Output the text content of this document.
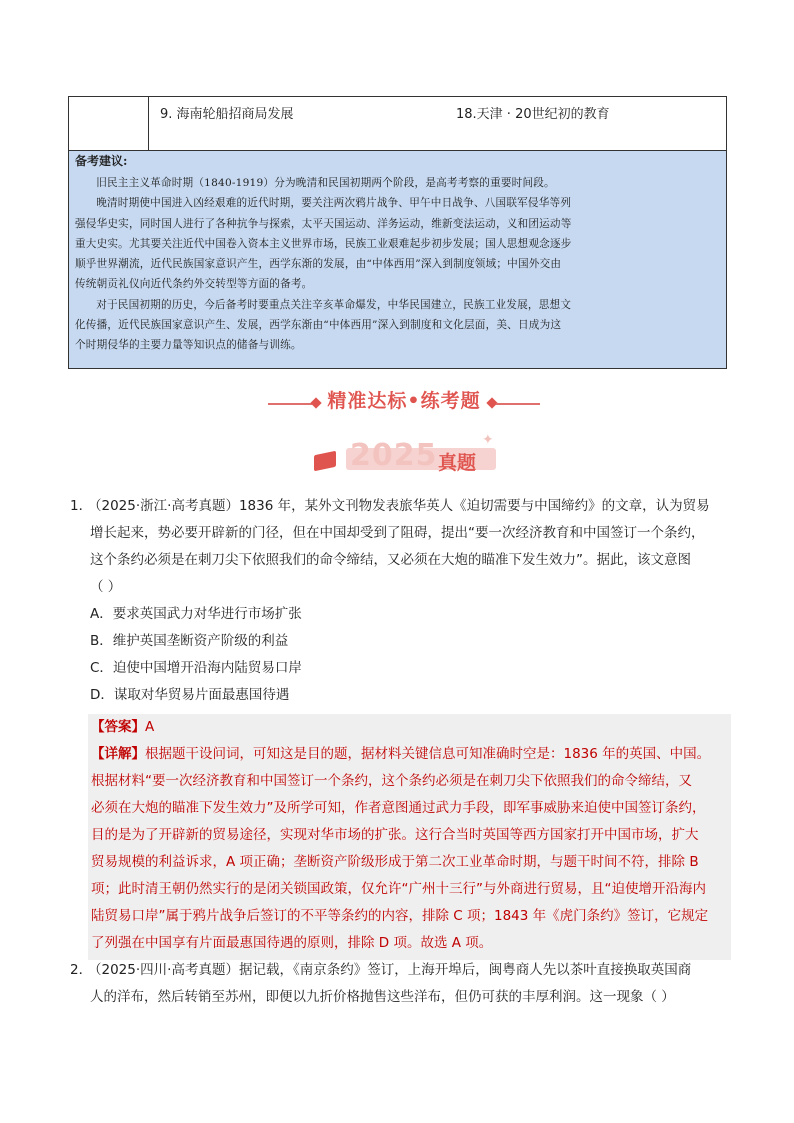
9. 海南轮船招商局发展	18.天津 · 20世纪初的教育
备考建议:

旧民主主义革命时期（1840-1919）分为晚清和民国初期两个阶段，是高考考察的重要时间段。

晚清时期使中国进入凶经艰难的近代时期，要关注两次鸦片战争、甲午中日战争、八国联军侵华等列

强侵华史实，同时国人进行了各种抗争与探索，太平天国运动、洋务运动，维新变法运动，义和团运动等

重大史实。尤其要关注近代中国卷入资本主义世界市场，民族工业艰难起步初步发展；国人思想观念逐步

顺乎世界潮流，近代民族国家意识产生，西学东渐的发展，由“中体西用”深入到制度领域；中国外交由

传统朝贡礼仪向近代条约外交转型等方面的备考。

对于民国初期的历史，今后备考时要重点关注辛亥革命爆发，中华民国建立，民族工业发展，思想文

化传播，近代民族国家意识产生、发展，西学东渐由“中体西用”深入到制度和文化层面，美、日成为这

个时期侵华的主要力量等知识点的储备与训练。

精准达标•练考题
2025 真题
✦
1．（2025·浙江·高考真题）1836 年，某外文刊物发表旅华英人《迫切需要与中国缔约》的文章，认为贸易
增长起来，势必要开辟新的门径，但在中国却受到了阻碍，提出“要一次经济教育和中国签订一个条约，
这个条约必须是在刺刀尖下依照我们的命令缔结，又必须在大炮的瞄准下发生效力”。据此，该文意图
（ ）
A．要求英国武力对华进行市场扩张
B．维护英国垄断资产阶级的利益
C．迫使中国增开沿海内陆贸易口岸
D．谋取对华贸易片面最惠国待遇
【答案】A
【详解】根据题干设问词，可知这是目的题，据材料关键信息可知准确时空是：1836 年的英国、中国。
根据材料“要一次经济教育和中国签订一个条约，这个条约必须是在刺刀尖下依照我们的命令缔结，又
必须在大炮的瞄准下发生效力”及所学可知，作者意图通过武力手段，即军事威胁来迫使中国签订条约，
目的是为了开辟新的贸易途径，实现对华市场的扩张。这行合当时英国等西方国家打开中国市场，扩大
贸易规模的利益诉求，A 项正确；垄断资产阶级形成于第二次工业革命时期，与题干时间不符，排除 B
项；此时清王朝仍然实行的是闭关锁国政策，仅允许“广州十三行”与外商进行贸易，且“迫使增开沿海内
陆贸易口岸”属于鸦片战争后签订的不平等条约的内容，排除 C 项；1843 年《虎门条约》签订，它规定
了列强在中国享有片面最惠国待遇的原则，排除 D 项。故选 A 项。
2．（2025·四川·高考真题）据记载，《南京条约》签订，上海开埠后，闽粤商人先以茶叶直接换取英国商
人的洋布，然后转销至苏州，即便以九折价格抛售这些洋布，但仍可获的丰厚利润。这一现象（ ）
